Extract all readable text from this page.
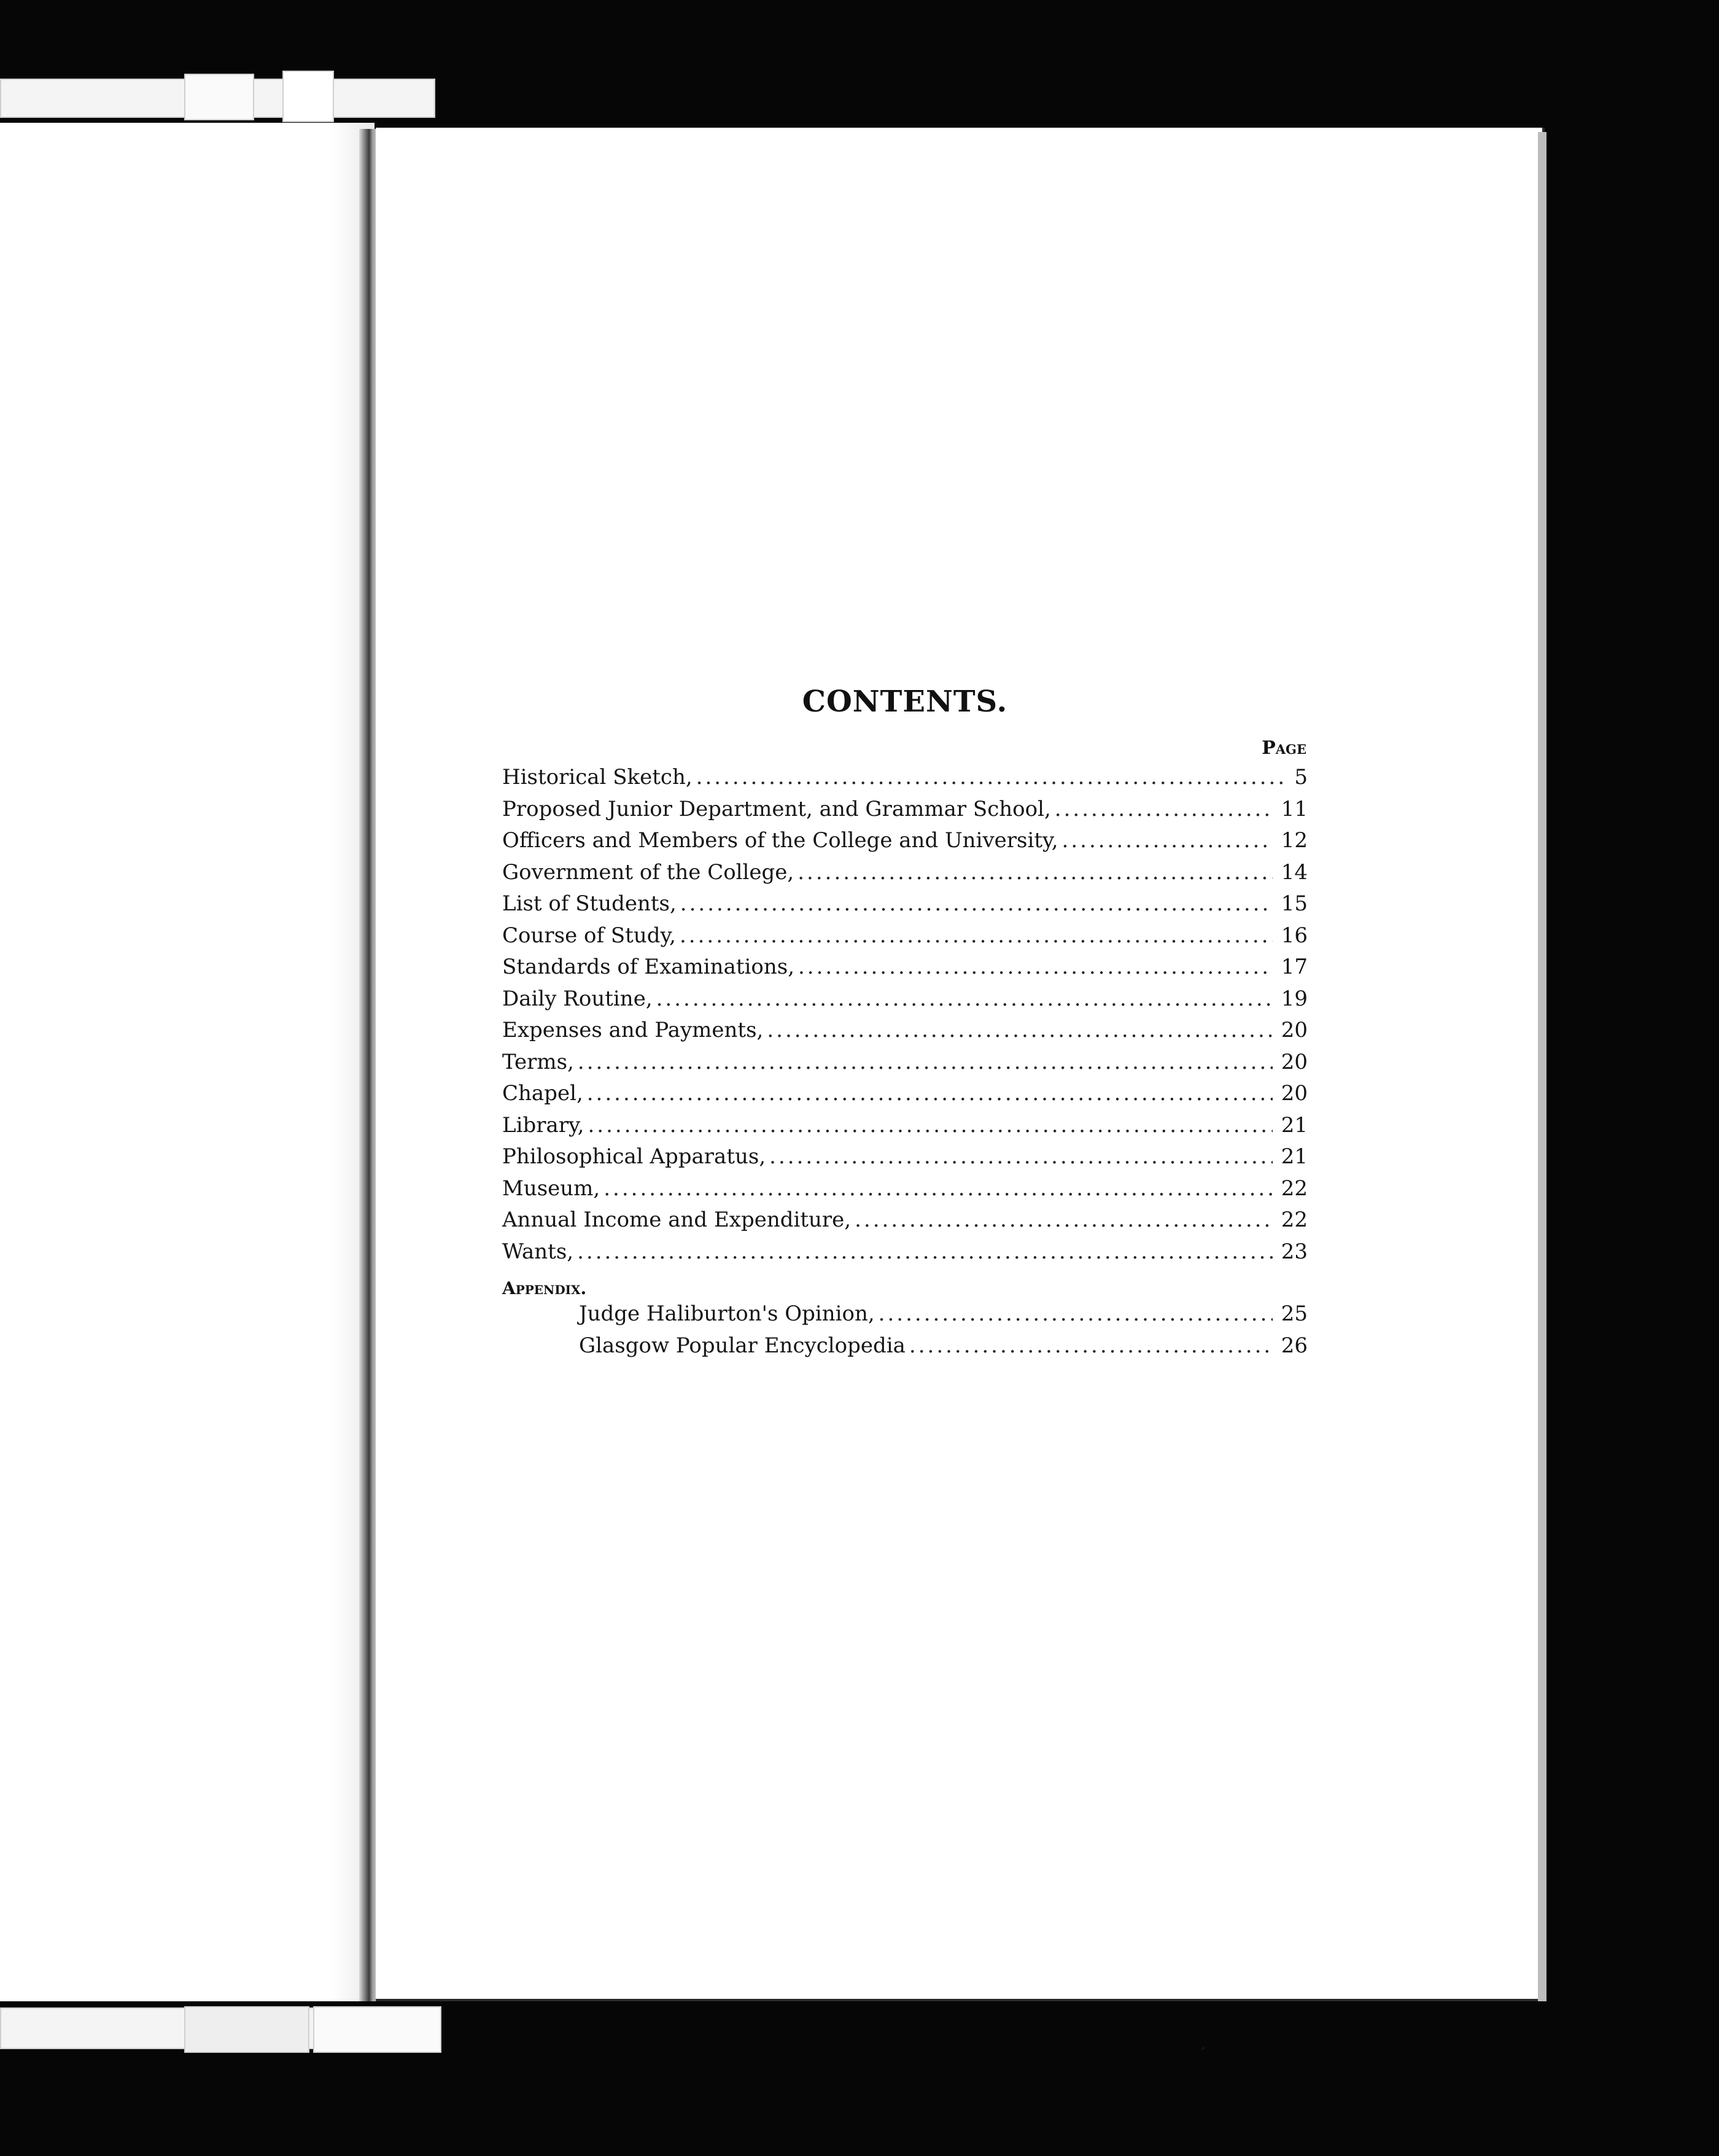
CONTENTS.
Page
Historical Sketch, .....	5
Proposed Junior Department, and Grammar School, .....	11
Officers and Members of the College and University, .....	12
Government of the College, .....	14
List of Students, .....	15
Course of Study, .....	16
Standards of Examinations, .....	17
Daily Routine, .....	19
Expenses and Payments, .....	20
Terms, .....	20
Chapel, .....	20
Library, .....	21
Philosophical Apparatus, .....	21
Museum, .....	22
Annual Income and Expenditure, .....	22
Wants, .....	23
Appendix.
Judge Haliburton's Opinion, .....	25
Glasgow Popular Encyclopedia .....	26
